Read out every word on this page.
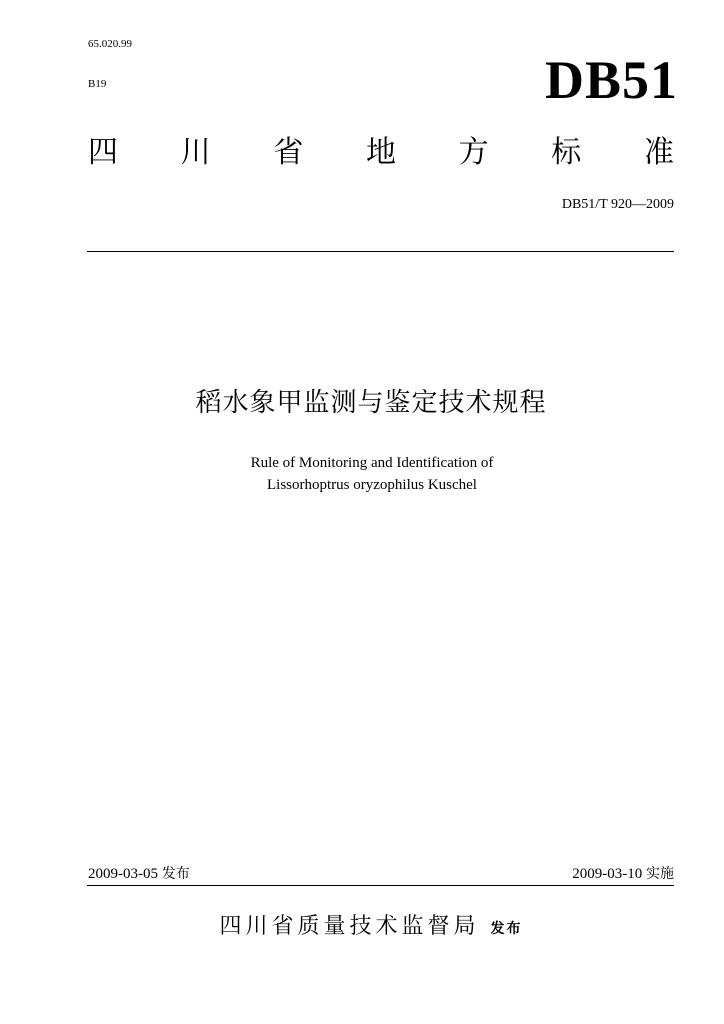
65.020.99
B19	DB51
四 川 省 地 方 标 准
DB51/T 920—2009
稻水象甲监测与鉴定技术规程
Rule of Monitoring and Identification of
Lissorhoptrus oryzophilus Kuschel
2009-03-05 发布	2009-03-10 实施
四川省质量技术监督局 发布
